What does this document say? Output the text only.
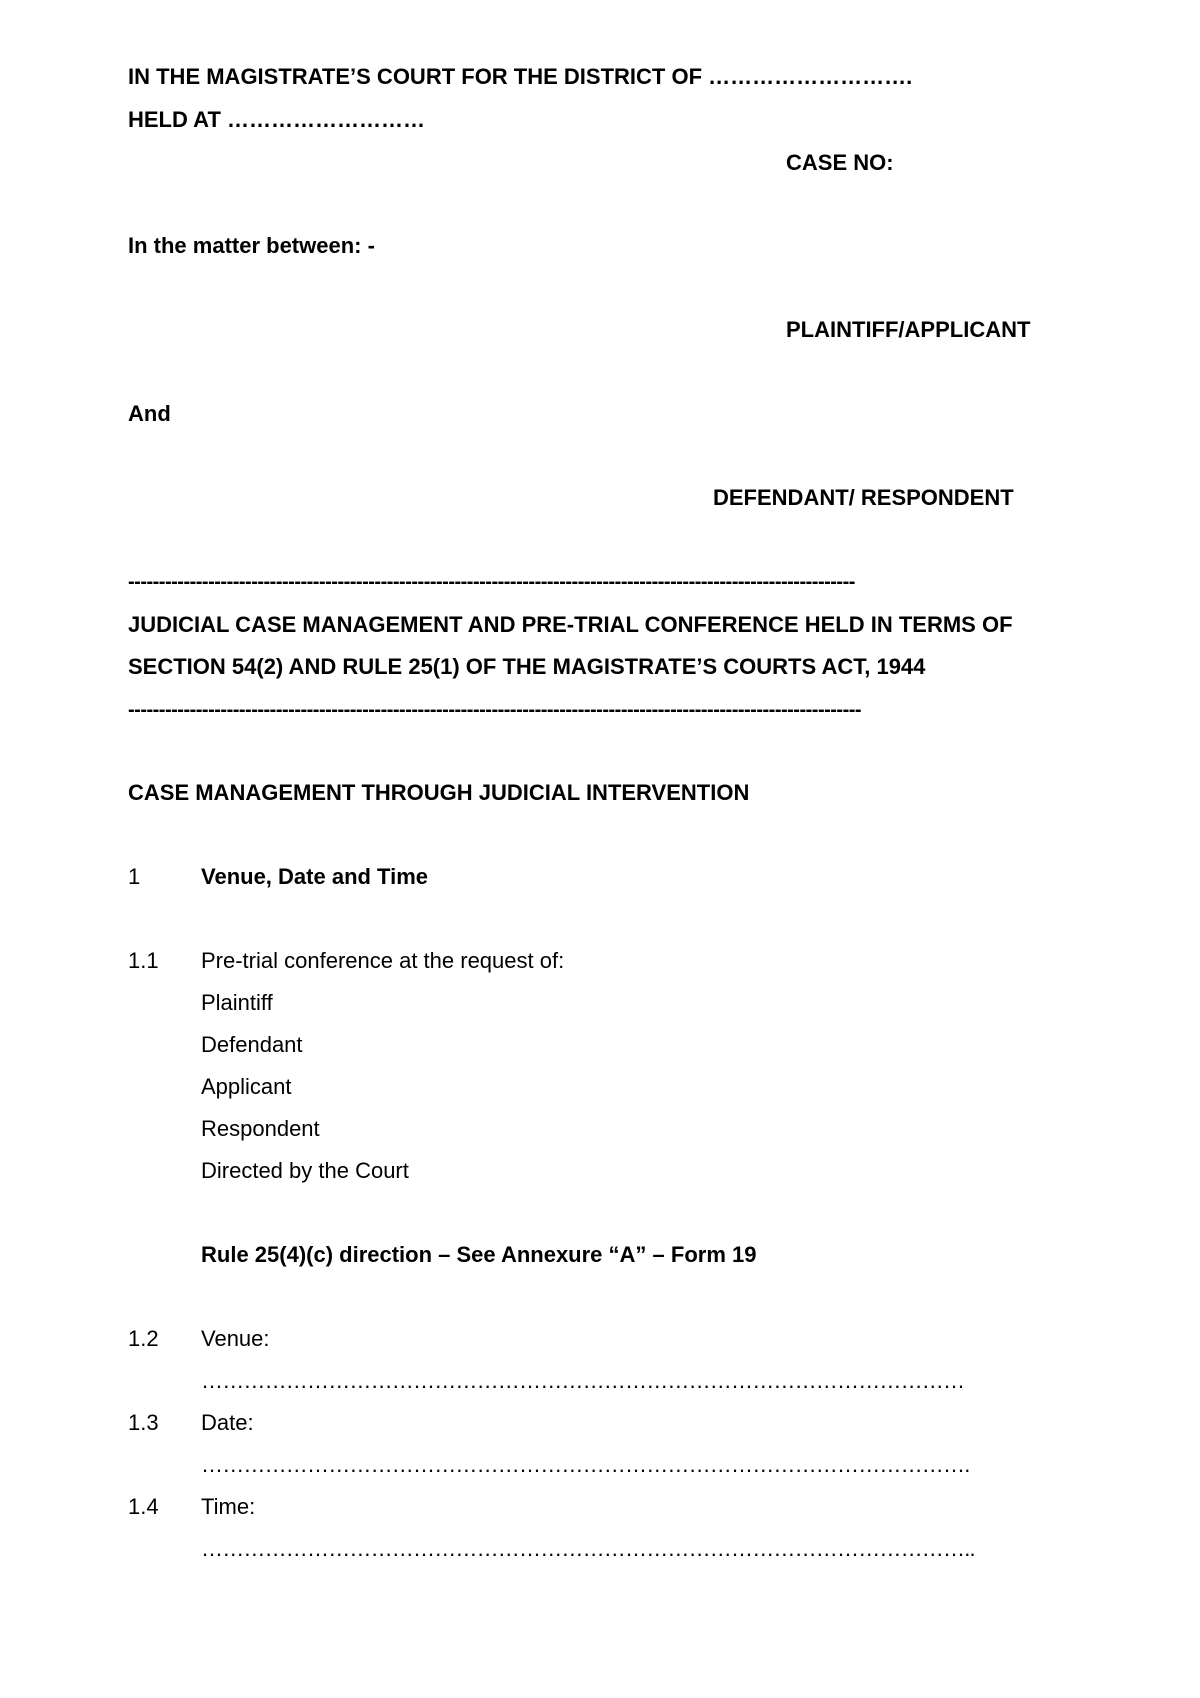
IN THE MAGISTRATE’S COURT FOR THE DISTRICT OF ……………………….
HELD AT ………………………
CASE NO:
In the matter between: -
PLAINTIFF/APPLICANT
And
DEFENDANT/ RESPONDENT
----------------------------------------------------------------------------------------------------------------------
JUDICIAL CASE MANAGEMENT AND PRE-TRIAL CONFERENCE HELD IN TERMS OF
SECTION 54(2) AND RULE 25(1) OF THE MAGISTRATE’S COURTS ACT, 1944
-----------------------------------------------------------------------------------------------------------------------
CASE MANAGEMENT THROUGH JUDICIAL INTERVENTION
1	Venue, Date and Time
1.1 Pre-trial conference at the request of:
Plaintiff
Defendant
Applicant
Respondent
Directed by the Court
Rule 25(4)(c) direction – See Annexure “A” – Form 19
1.2 Venue:
………………………………………………………………………………………………
1.3 Date:
……………………………………………………………………………………………….
1.4 Time:
………………………………………………………………………………………………..
